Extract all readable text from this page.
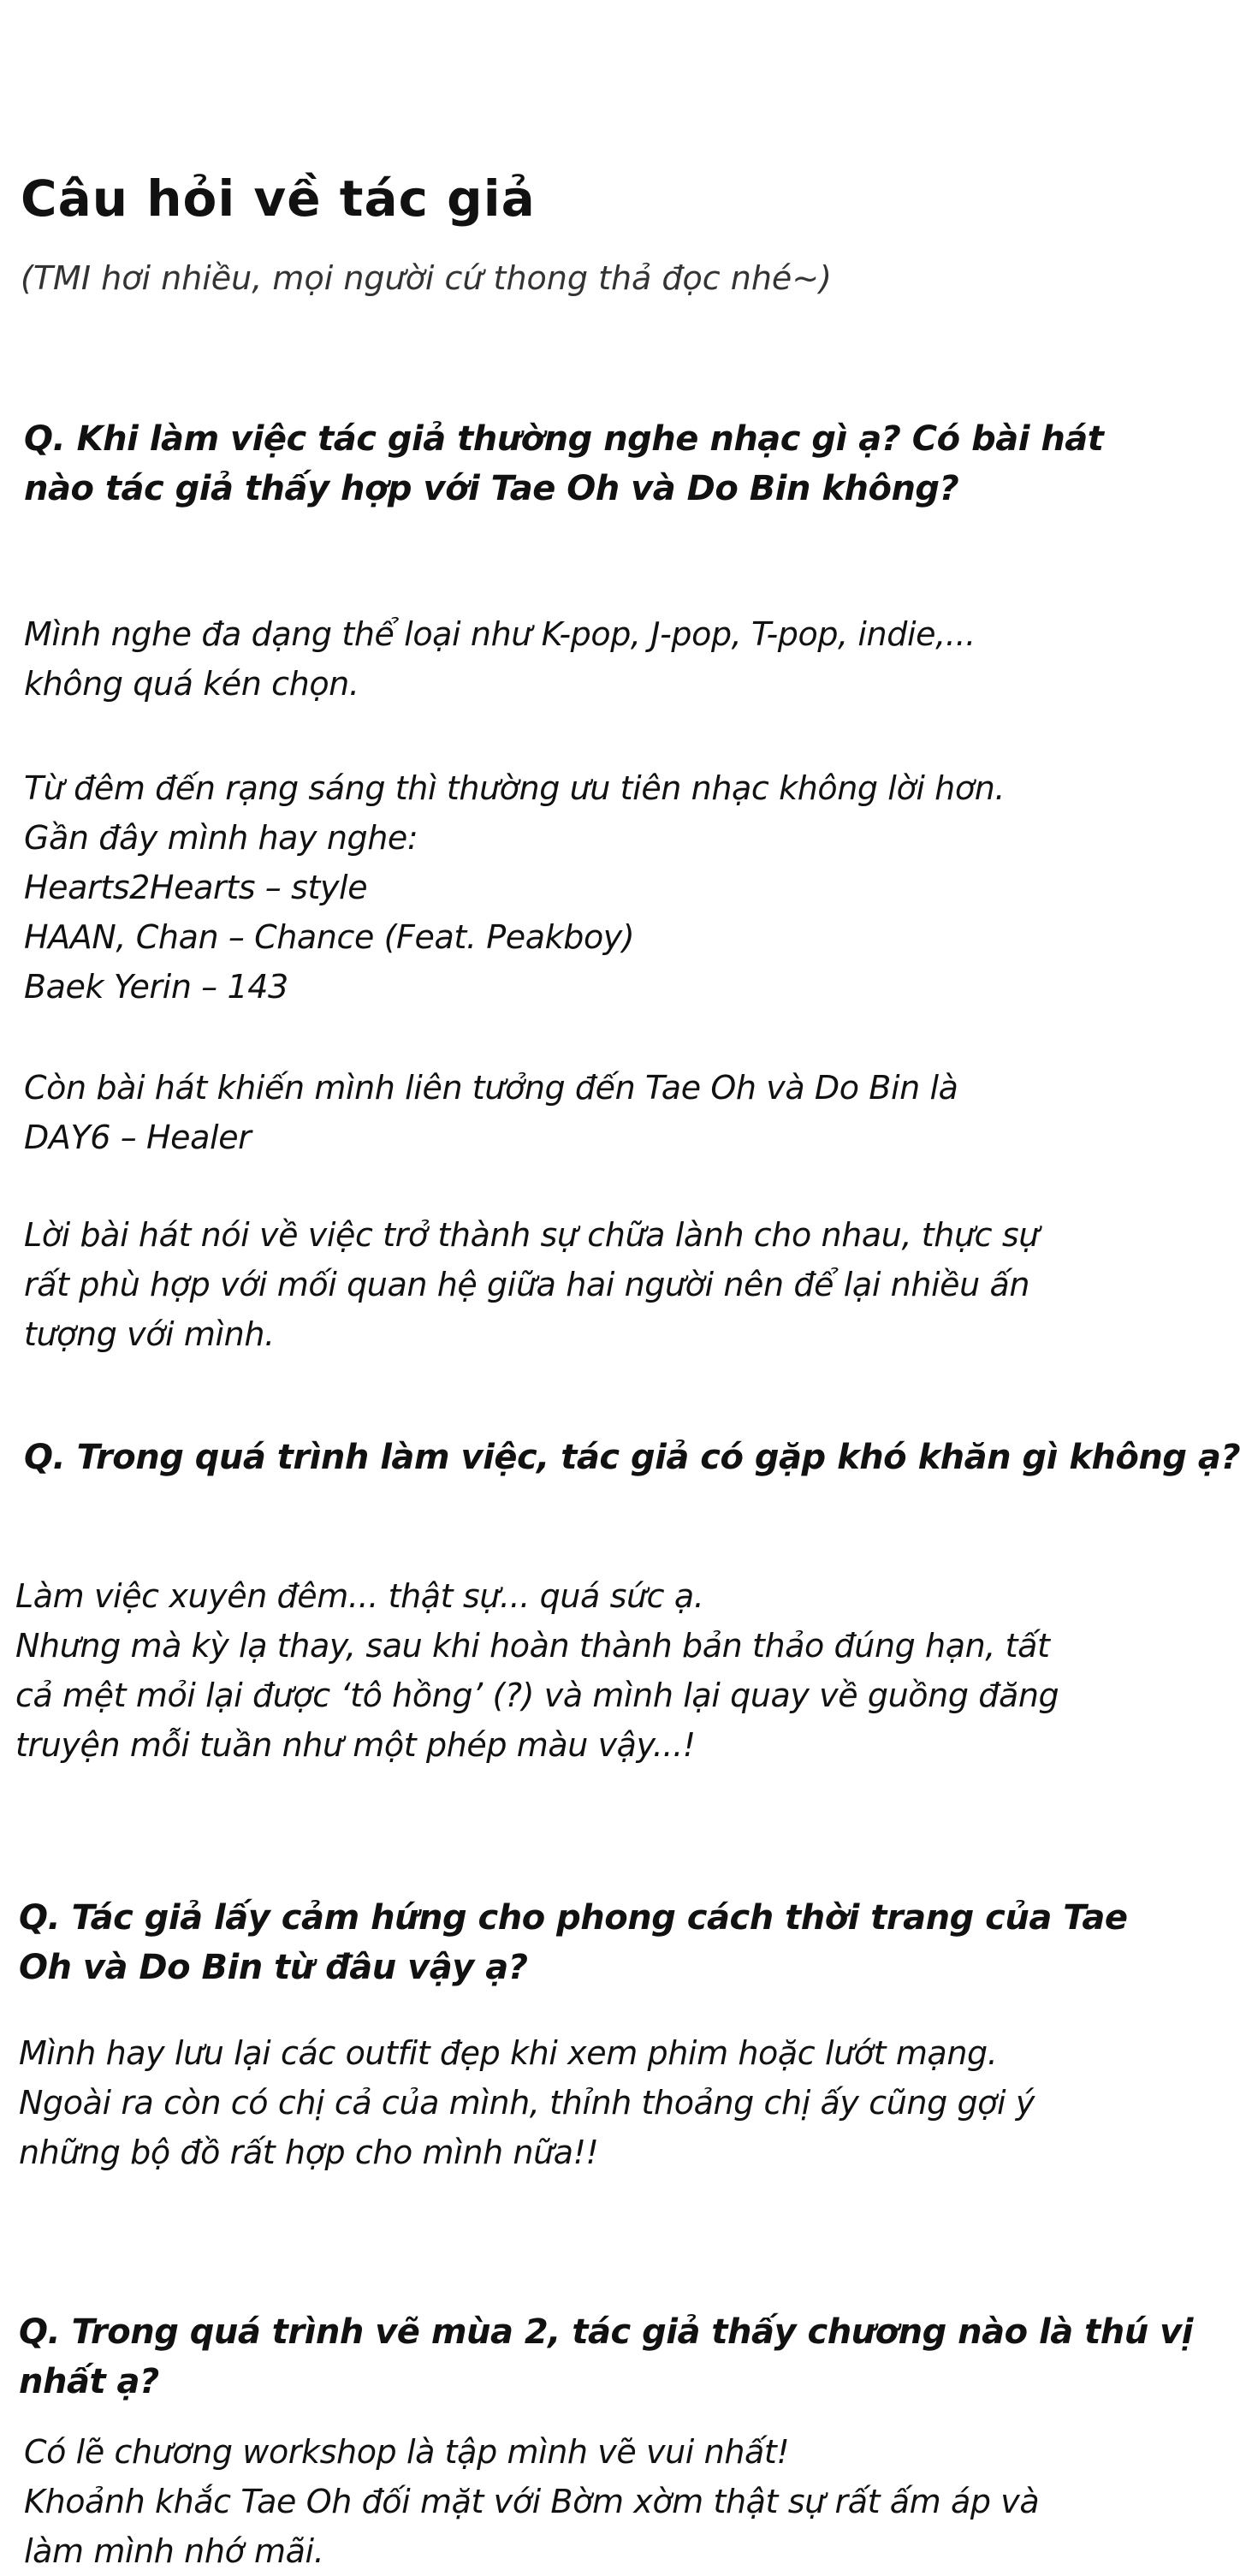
Câu hỏi về tác giả

(TMI hơi nhiều, mọi người cứ thong thả đọc nhé~)

Q. Khi làm việc tác giả thường nghe nhạc gì ạ? Có bài hát
nào tác giả thấy hợp với Tae Oh và Do Bin không?

Mình nghe đa dạng thể loại như K-pop, J-pop, T-pop, indie,...
không quá kén chọn.

Từ đêm đến rạng sáng thì thường ưu tiên nhạc không lời hơn.
Gần đây mình hay nghe:
Hearts2Hearts – style
HAAN, Chan – Chance (Feat. Peakboy)
Baek Yerin – 143

Còn bài hát khiến mình liên tưởng đến Tae Oh và Do Bin là
DAY6 – Healer

Lời bài hát nói về việc trở thành sự chữa lành cho nhau, thực sự
rất phù hợp với mối quan hệ giữa hai người nên để lại nhiều ấn
tượng với mình.

Q. Trong quá trình làm việc, tác giả có gặp khó khăn gì không ạ?

Làm việc xuyên đêm... thật sự... quá sức ạ.
Nhưng mà kỳ lạ thay, sau khi hoàn thành bản thảo đúng hạn, tất
cả mệt mỏi lại được ‘tô hồng’ (?) và mình lại quay về guồng đăng
truyện mỗi tuần như một phép màu vậy...!

Q. Tác giả lấy cảm hứng cho phong cách thời trang của Tae
Oh và Do Bin từ đâu vậy ạ?

Mình hay lưu lại các outfit đẹp khi xem phim hoặc lướt mạng.
Ngoài ra còn có chị cả của mình, thỉnh thoảng chị ấy cũng gợi ý
những bộ đồ rất hợp cho mình nữa!!

Q. Trong quá trình vẽ mùa 2, tác giả thấy chương nào là thú vị
nhất ạ?

Có lẽ chương workshop là tập mình vẽ vui nhất!
Khoảnh khắc Tae Oh đối mặt với Bờm xờm thật sự rất ấm áp và
làm mình nhớ mãi.
